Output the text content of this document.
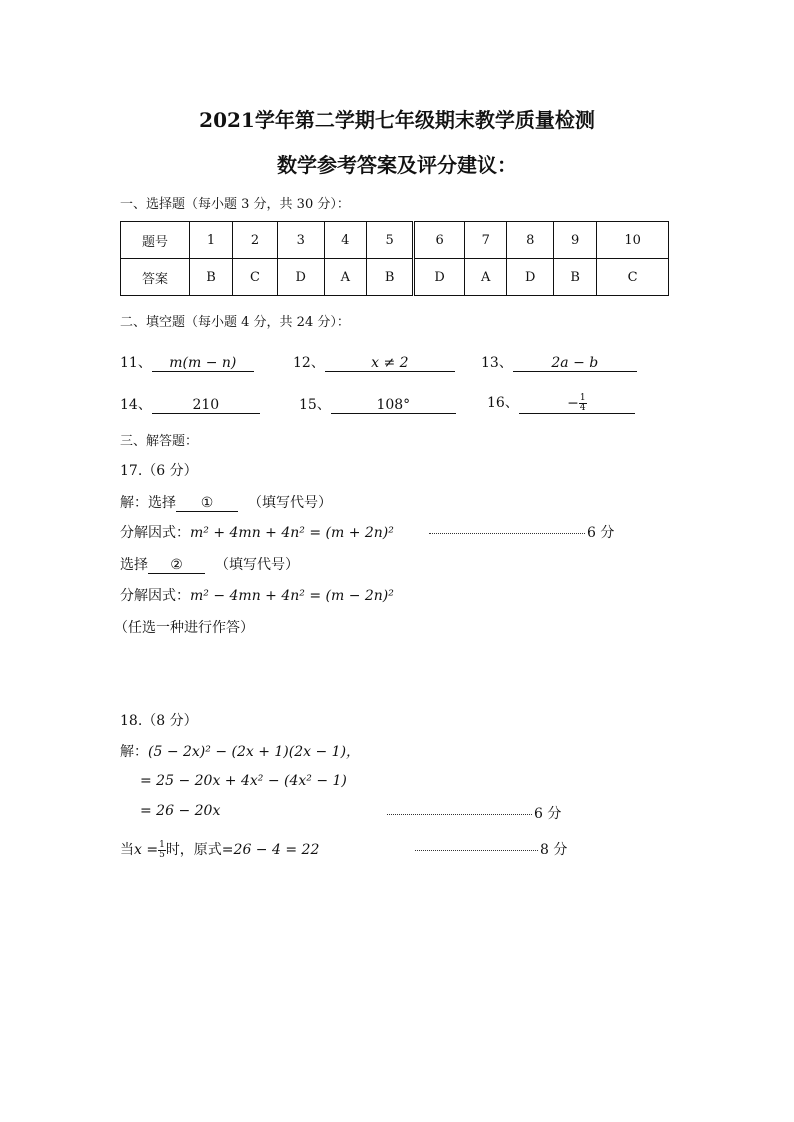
2021学年第二学期七年级期末教学质量检测
数学参考答案及评分建议：
一、选择题（每小题 3 分，共 30 分）：
题号	1	2	3	4	5	6	7	8	9	10
答案	B	C	D	A	B	D	A	D	B	C
二、填空题（每小题 4 分，共 24 分）：
11、 m(m − n)	12、	x ≠ 2	13、	2a − b
14、	210	15、	108°	16、	− $\frac{1}{4}$
三、解答题：
17.（6 分）
解：选择 ① （填写代号）
分解因式：m² + 4mn + 4n² = (m + 2n)²	6 分
选择 ② （填写代号）
分解因式：m² − 4mn + 4n² = (m − 2n)²
（任选一种进行作答）
18.（8 分）
解：(5 − 2x)² − (2x + 1)(2x − 1)，
= 25 − 20x + 4x² − (4x² − 1)
= 26 − 20x	6 分
当$x = \frac{1}{5}$ 时，原式=26 − 4 = 22	8 分
